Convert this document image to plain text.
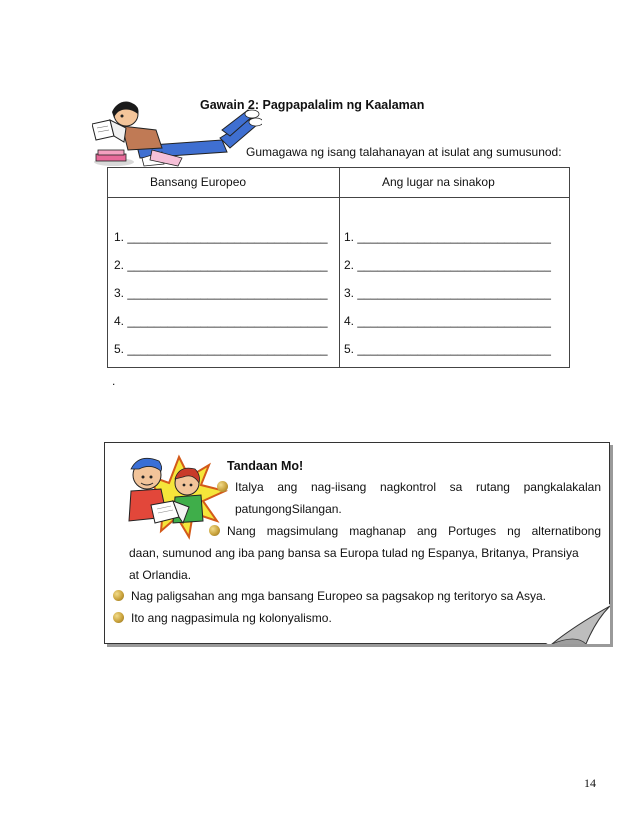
Gawain 2: Pagpapalalim ng Kaalaman
Gumagawa ng isang talahanayan at isulat ang sumusunod:
Bansang Europeo	Ang lugar na sinakop
1. ______________________________
2. ______________________________
3. ______________________________
4. ______________________________
5. ______________________________
1. _____________________________
2. _____________________________
3. _____________________________
4. _____________________________
5. _____________________________
.
Tandaan Mo!
Italya ang nag-iisang nagkontrol sa rutang pangkalakalan
patungongSilangan.
Nang magsimulang maghanap ang Portuges ng alternatibong
daan, sumunod ang iba pang bansa sa Europa tulad ng Espanya, Britanya, Pransiya
at Orlandia.
Nag paligsahan ang mga bansang Europeo sa pagsakop ng teritoryo sa Asya.
Ito ang nagpasimula ng kolonyalismo.
14
